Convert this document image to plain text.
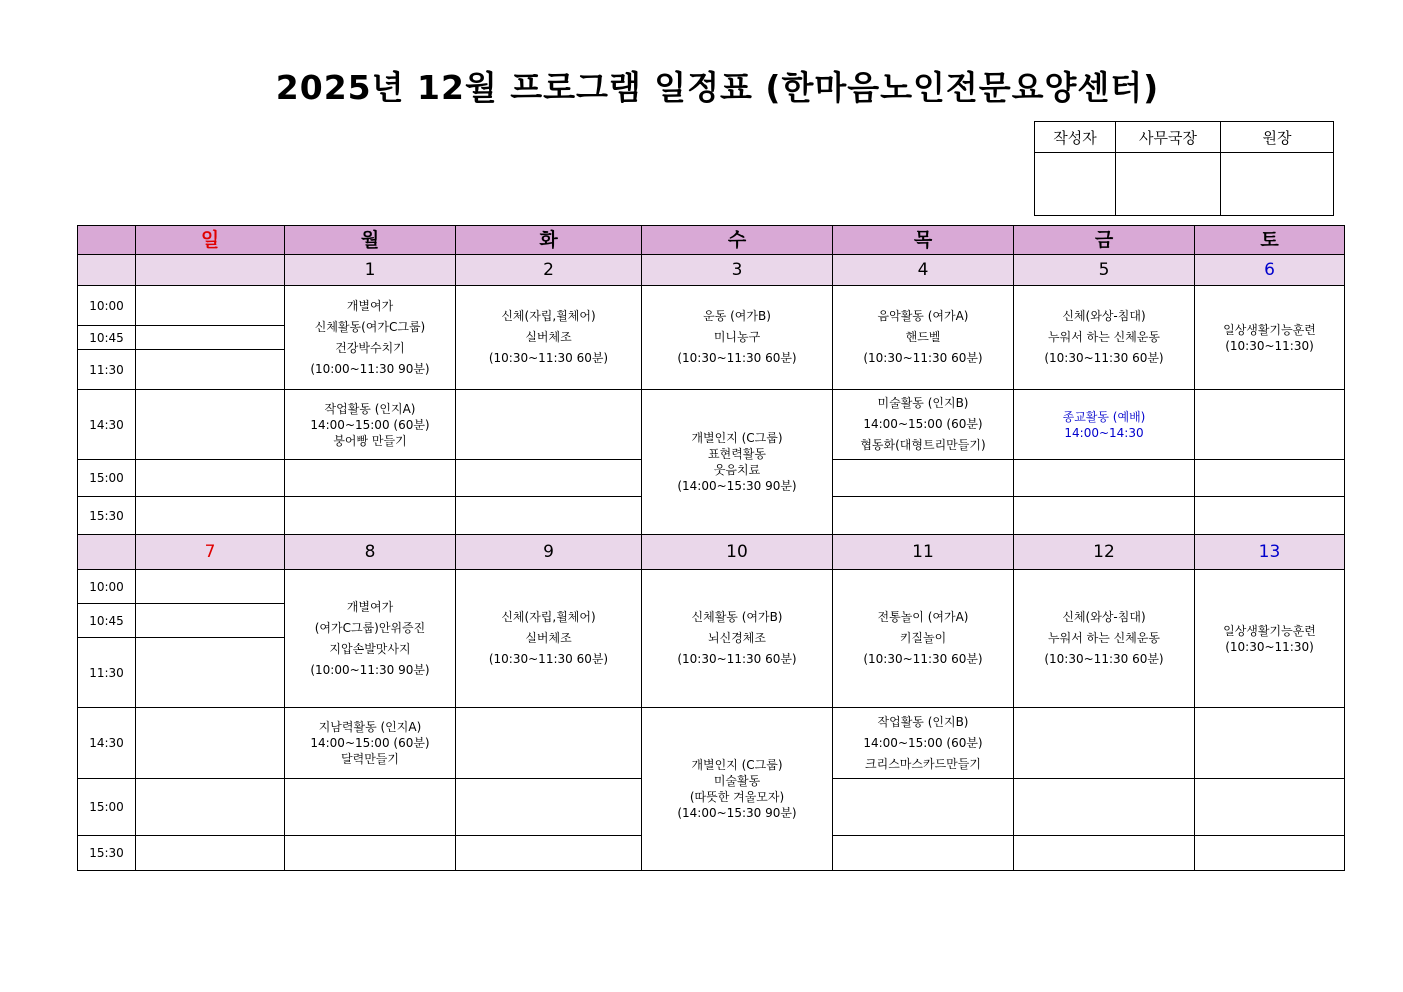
2025년 12월 프로그램 일정표 (한마음노인전문요양센터)
작성자	사무국장	원장

	일	월	화	수	목	금	토
		1	2	3	4	5	6
10:00		개별여가
신체활동(여가C그룹)
건강박수치기
(10:00~11:30 90분)	신체(자립,휠체어)
실버체조
(10:30~11:30 60분)	운동 (여가B)
미니농구
(10:30~11:30 60분)	음악활동 (여가A)
핸드벨
(10:30~11:30 60분)	신체(와상-침대)
누워서 하는 신체운동
(10:30~11:30 60분)	일상생활기능훈련
(10:30~11:30)

10:45							
11:30							
14:30		작업활동 (인지A)
14:00~15:00 (60분)
붕어빵 만들기		개별인지 (C그룹)
표현력활동
웃음치료
(14:00~15:30 90분)	미술활동 (인지B)
14:00~15:00 (60분)
협동화(대형트리만들기)	종교활동 (예배)
14:00~14:30	

15:00							
15:30							
	7	8	9	10	11	12	13
10:00		개별여가
(여가C그룹)안위증진
지압손발맛사지
(10:00~11:30 90분)	신체(자립,휠체어)
실버체조
(10:30~11:30 60분)	신체활동 (여가B)
뇌신경체조
(10:30~11:30 60분)	전통놀이 (여가A)
키질놀이
(10:30~11:30 60분)	신체(와상-침대)
누워서 하는 신체운동
(10:30~11:30 60분)	일상생활기능훈련
(10:30~11:30)

10:45							
11:30							
14:30		지남력활동 (인지A)
14:00~15:00 (60분)
달력만들기		개별인지 (C그룹)
미술활동
(따뜻한 겨울모자)
(14:00~15:30 90분)	작업활동 (인지B)
14:00~15:00 (60분)
크리스마스카드만들기		

15:00							
15:30							
